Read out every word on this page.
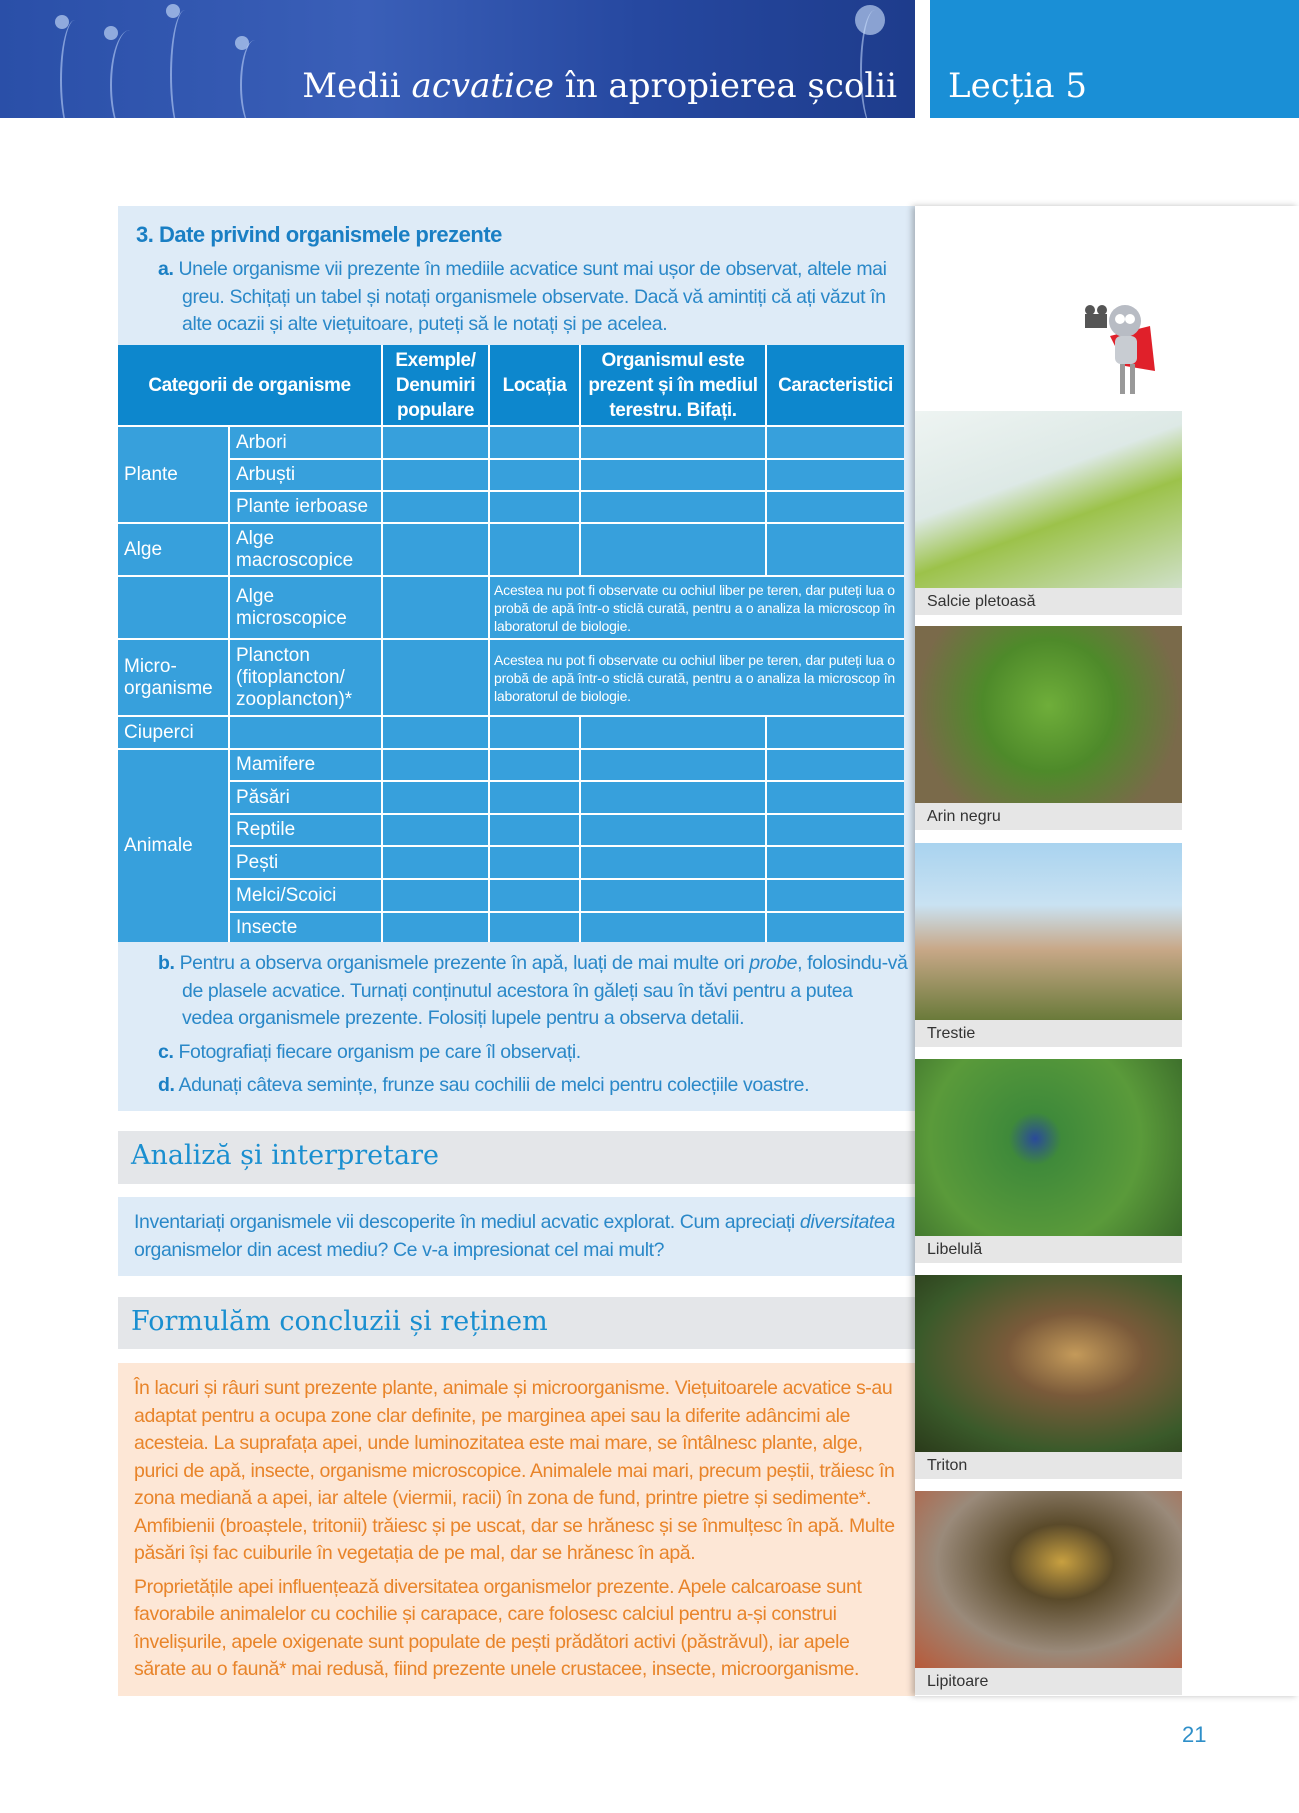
Medii acvatice în apropierea școlii Lecția 5
3. Date privind organismele prezente
a. Unele organisme vii prezente în mediile acvatice sunt mai ușor de observat, altele mai greu. Schițați un tabel și notați organismele observate. Dacă vă amintiți că ați văzut în alte ocazii și alte viețuitoare, puteți să le notați și pe acelea.
Categorii de organisme
Exemple/ Denumiri populare
Locația
Organismul este prezent și în mediul terestru. Bifați.
Caracteristici
Plante
Arbori
Arbuști
Plante ierboase
Alge
Alge macroscopice
Alge microscopice
Acestea nu pot fi observate cu ochiul liber pe teren, dar puteți lua o probă de apă într-o sticlă curată, pentru a o analiza la microscop în laboratorul de biologie.
Micro-organisme
Plancton (fitoplancton/ zooplancton)*
Acestea nu pot fi observate cu ochiul liber pe teren, dar puteți lua o probă de apă într-o sticlă curată, pentru a o analiza la microscop în laboratorul de biologie.
Ciuperci
Animale
Mamifere
Păsări
Reptile
Pești
Melci/Scoici
Insecte
b. Pentru a observa organismele prezente în apă, luați de mai multe ori probe, folosindu-vă de plasele acvatice. Turnați conținutul acestora în găleți sau în tăvi pentru a putea vedea organismele prezente. Folosiți lupele pentru a observa detalii.
c. Fotografiați fiecare organism pe care îl observați.
d. Adunați câteva semințe, frunze sau cochilii de melci pentru colecțiile voastre.
Analiză și interpretare
Inventariați organismele vii descoperite în mediul acvatic explorat. Cum apreciați diversitatea organismelor din acest mediu? Ce v-a impresionat cel mai mult?
Formulăm concluzii și reținem

În lacuri și râuri sunt prezente plante, animale și microorganisme. Viețuitoarele acvatice s-au adaptat pentru a ocupa zone clar definite, pe marginea apei sau la diferite adâncimi ale acesteia. La suprafața apei, unde luminozitatea este mai mare, se întâlnesc plante, alge, purici de apă, insecte, organisme microscopice. Animalele mai mari, precum peștii, trăiesc în zona mediană a apei, iar altele (viermii, racii) în zona de fund, printre pietre și sedimente*. Amfibienii (broaștele, tritonii) trăiesc și pe uscat, dar se hrănesc și se înmulțesc în apă. Multe păsări își fac cuiburile în vegetația de pe mal, dar se hrănesc în apă.

Proprietățile apei influențează diversitatea organismelor prezente. Apele calcaroase sunt favorabile animalelor cu cochilie și carapace, care folosesc calciul pentru a-și construi învelișurile, apele oxigenate sunt populate de pești prădători activi (păstrăvul), iar apele sărate au o faună* mai redusă, fiind prezente unele crustacee, insecte, microorganisme.

Salcie pletoasă
Arin negru
Trestie
Libelulă
Triton
Lipitoare
21
